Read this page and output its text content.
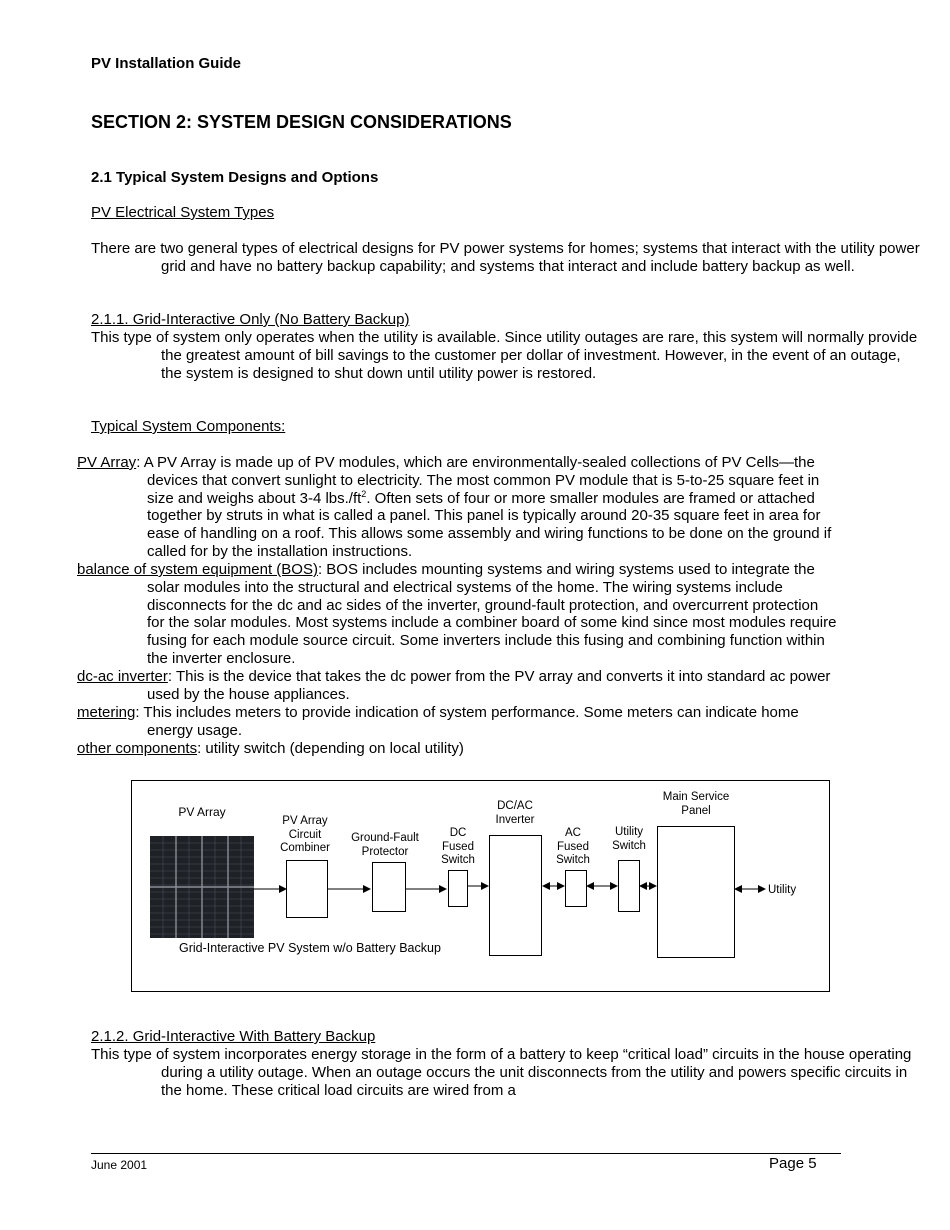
PV Installation Guide
SECTION 2: SYSTEM DESIGN CONSIDERATIONS
2.1 Typical System Designs and Options
PV Electrical System Types
There are two general types of electrical designs for PV power systems for homes; systems that interact with the utility power grid and have no battery backup capability; and systems that interact and include battery backup as well.
2.1.1. Grid-Interactive Only (No Battery Backup)
This type of system only operates when the utility is available. Since utility outages are rare, this system will normally provide the greatest amount of bill savings to the customer per dollar of investment. However, in the event of an outage, the system is designed to shut down until utility power is restored.
Typical System Components:
PV Array: A PV Array is made up of PV modules, which are environmentally-sealed collections of PV Cells—the devices that convert sunlight to electricity. The most common PV module that is 5-to-25 square feet in size and weighs about 3-4 $lbs./ft^2$. Often sets of four or more smaller modules are framed or attached together by struts in what is called a panel. This panel is typically around 20-35 square feet in area for ease of handling on a roof. This allows some assembly and wiring functions to be done on the ground if called for by the installation instructions.
balance of system equipment (BOS): BOS includes mounting systems and wiring systems used to integrate the solar modules into the structural and electrical systems of the home. The wiring systems include disconnects for the dc and ac sides of the inverter, ground-fault protection, and overcurrent protection for the solar modules. Most systems include a combiner board of some kind since most modules require fusing for each module source circuit. Some inverters include this fusing and combining function within the inverter enclosure.
dc-ac inverter: This is the device that takes the dc power from the PV array and converts it into standard ac power used by the house appliances.
metering: This includes meters to provide indication of system performance. Some meters can indicate home energy usage.
other components: utility switch (depending on local utility)
PV Array
PV Array
Circuit
Combiner
Ground-Fault
Protector
DC
Fused
Switch
DC/AC
Inverter
AC
Fused
Switch
Utility
Switch
Main Service
Panel
Utility
Grid-Interactive PV System w/o Battery Backup
2.1.2. Grid-Interactive With Battery Backup
This type of system incorporates energy storage in the form of a battery to keep “critical load” circuits in the house operating during a utility outage. When an outage occurs the unit disconnects from the utility and powers specific circuits in the home. These critical load circuits are wired from a
June 2001	Page 5
